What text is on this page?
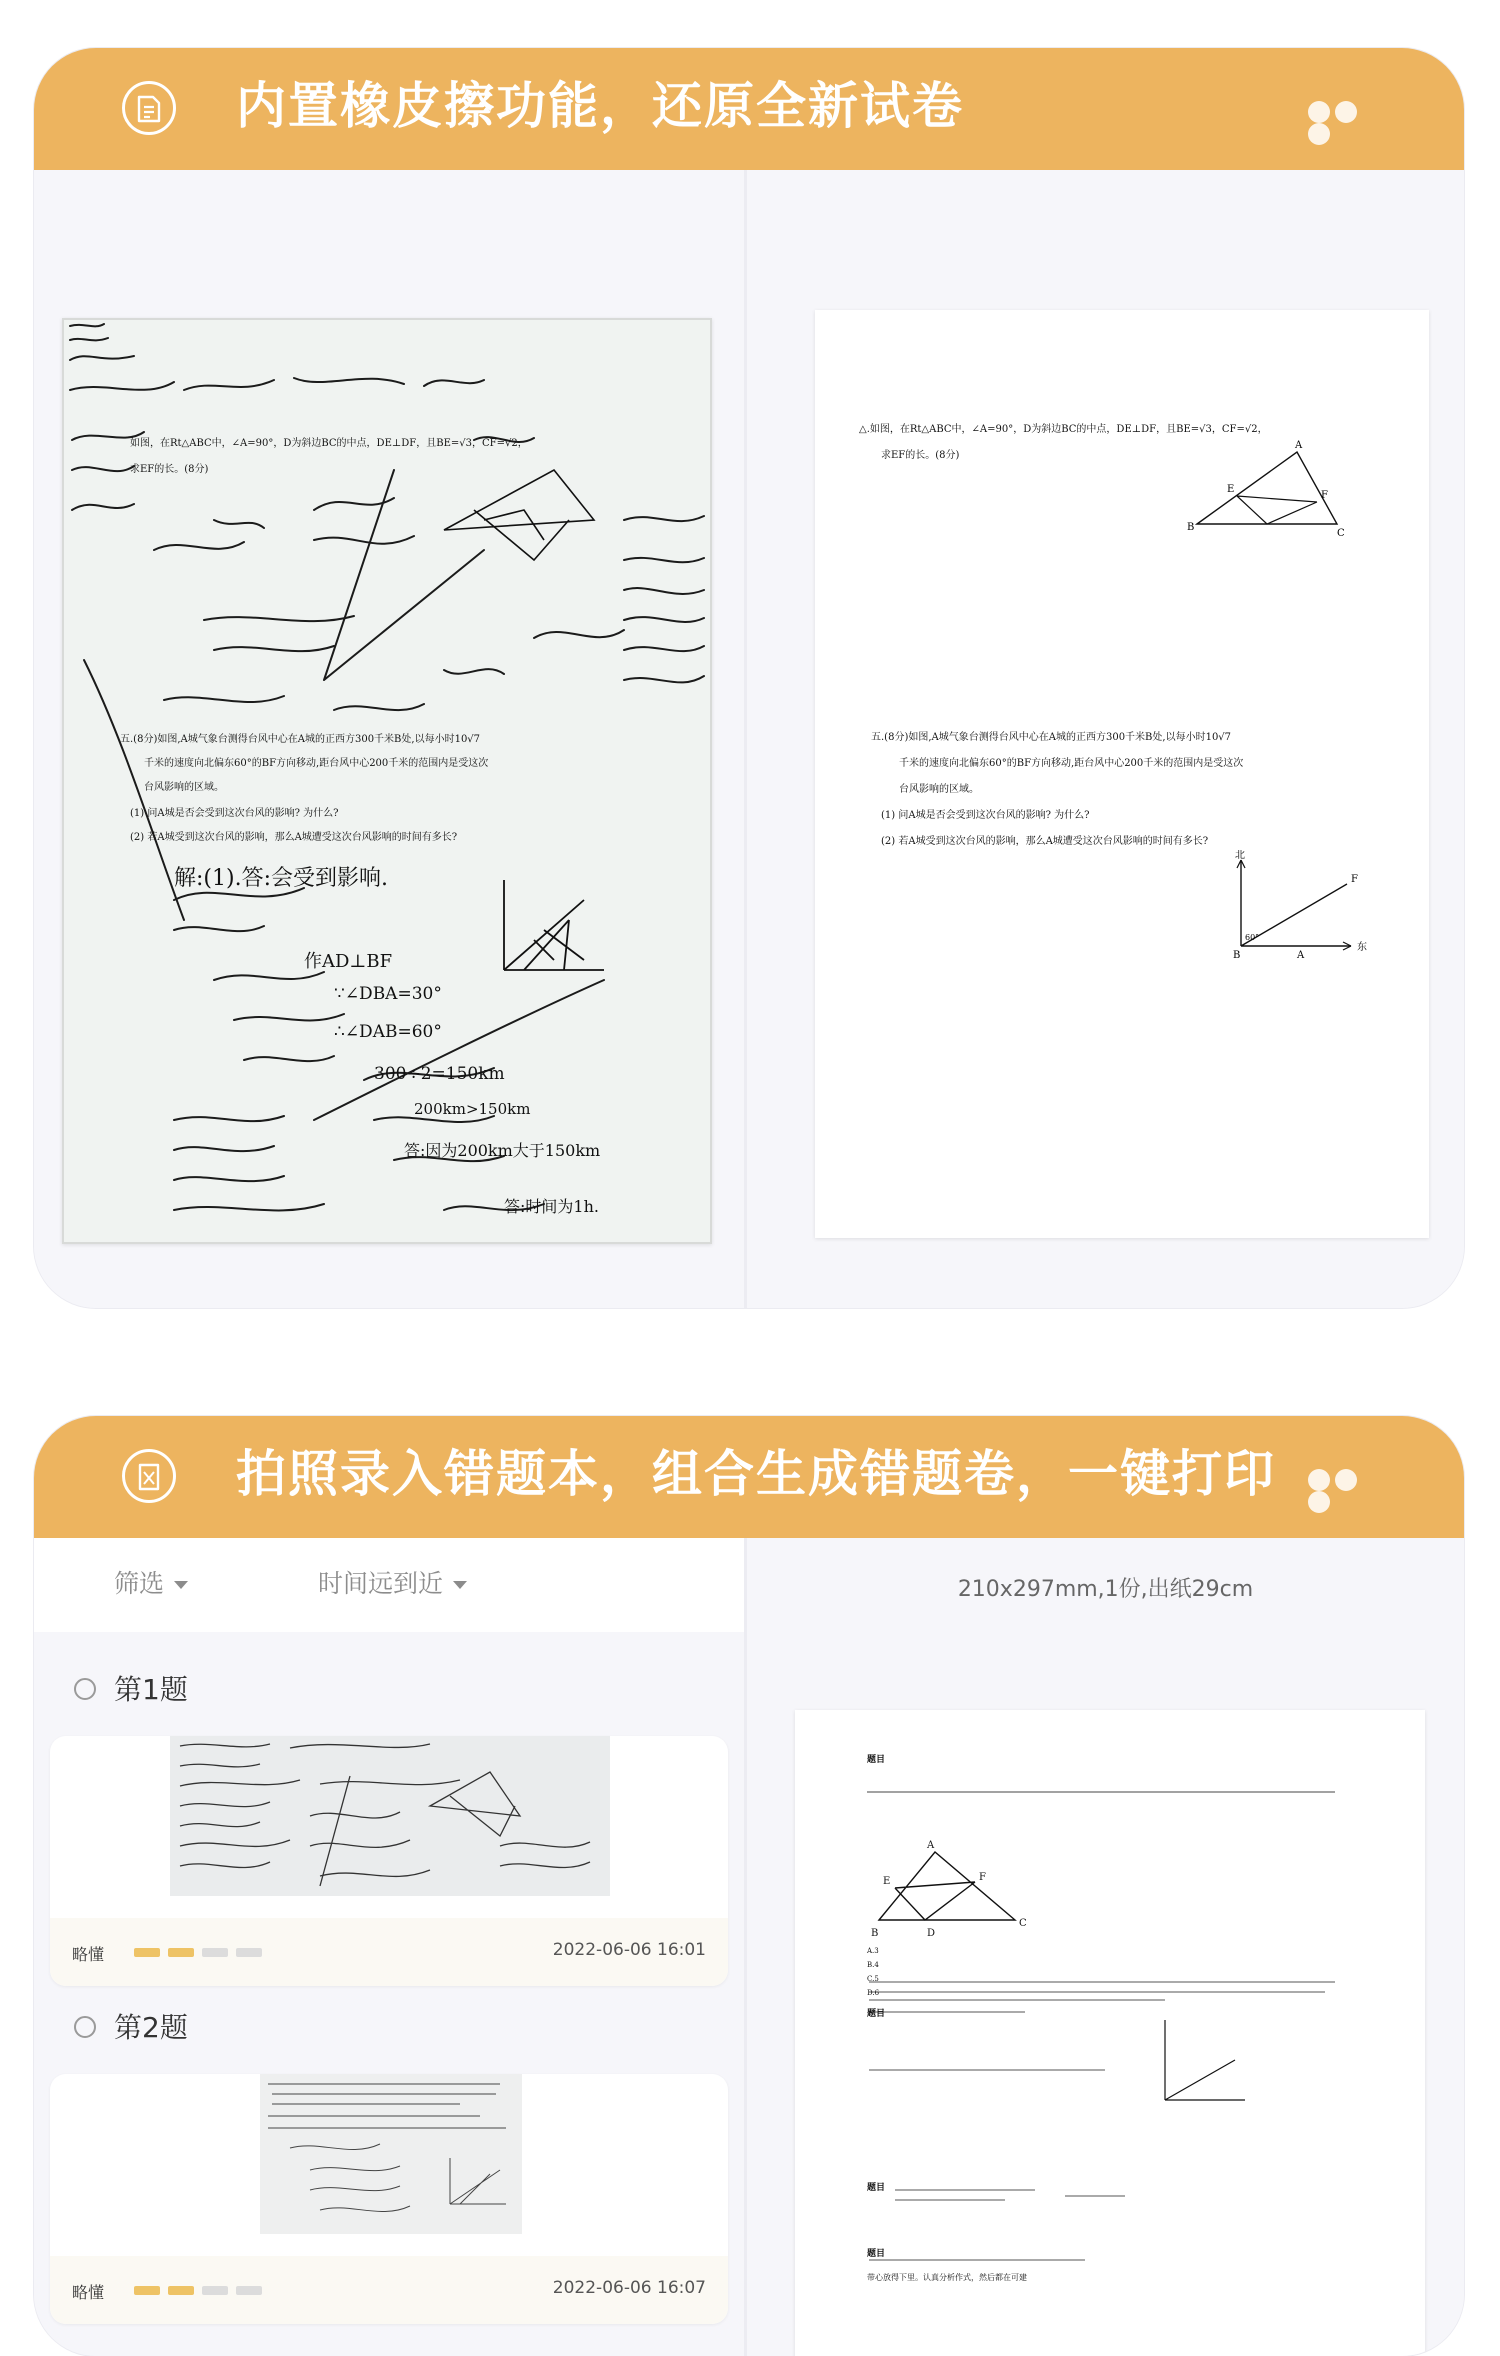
内置橡皮擦功能，还原全新试卷
如图，在Rt△ABC中，∠A=90°，D为斜边BC的中点，DE⊥DF，且BE=√3，CF=√2，
求EF的长。(8分)
五.(8分)如图,A城气象台测得台风中心在A城的正西方300千米B处,以每小时10√7
千米的速度向北偏东60°的BF方向移动,距台风中心200千米的范围内是受这次
台风影响的区域。
(1) 问A城是否会受到这次台风的影响? 为什么?
(2) 若A城受到这次台风的影响，那么A城遭受这次台风影响的时间有多长?
解:(1).答:会受到影响.
作AD⊥BF
∵∠DBA=30°
∴∠DAB=60°
300÷2=150km
200km>150km
答:因为200km大于150km
答:时间为1h.
△.如图，在Rt△ABC中，∠A=90°，D为斜边BC的中点，DE⊥DF，且BE=√3，CF=√2，
求EF的长。(8分)
B
A
E
F
C
五.(8分)如图,A城气象台测得台风中心在A城的正西方300千米B处,以每小时10√7
千米的速度向北偏东60°的BF方向移动,距台风中心200千米的范围内是受这次
台风影响的区域。
(1) 问A城是否会受到这次台风的影响? 为什么?
(2) 若A城受到这次台风的影响，那么A城遭受这次台风影响的时间有多长?
北
东
60°
B	A
F
拍照录入错题本，组合生成错题卷，一键打印
筛选	时间远到近
第1题
略懂	2022-06-06 16:01
第2题
略懂	2022-06-06 16:07
210x297mm,1份,出纸29cm
题目
A
E	F
B	D
C
A.3
B.4
C.5
D.6
题目
题目
题目
带心放得下里。认真分析作式，然后都在可建
